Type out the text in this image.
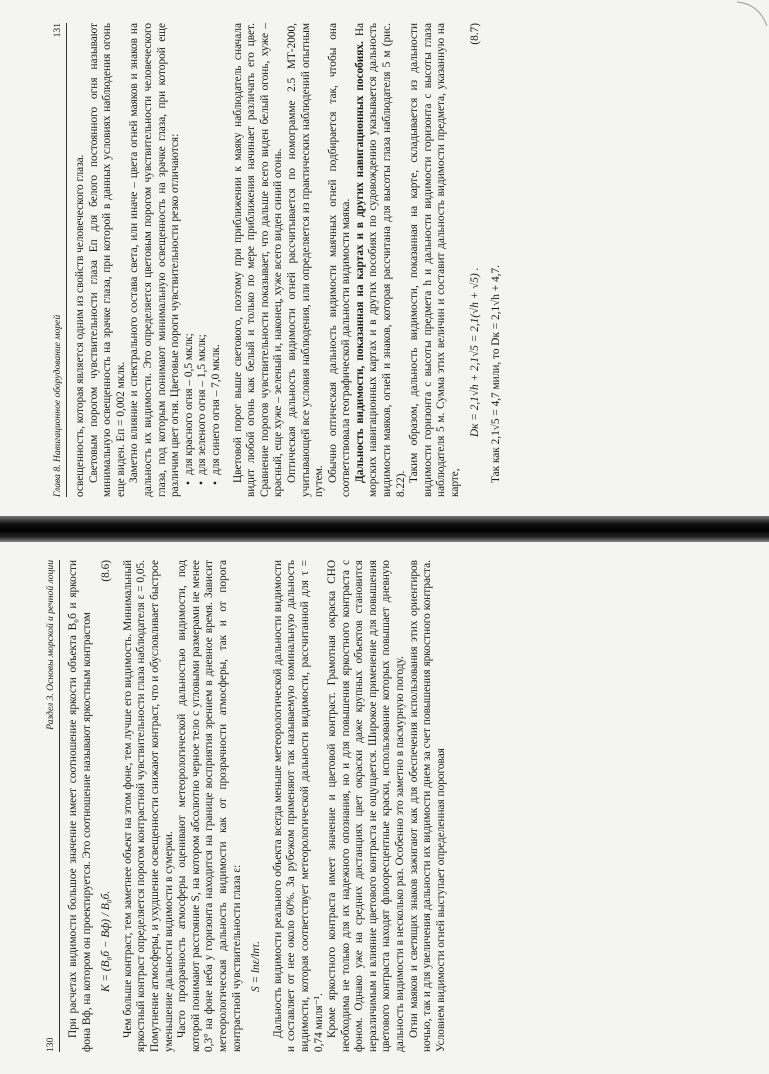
130
Раздел 3. Основы морской и речной лоции При расчетах видимости большое значение имеет соотношение яркости объекта B₀б и яркости фона Bф, на котором он проектируется. Это соотношение называют яркостным контрастом K = (B₀б − Bф) / B₀б.
(8.6) Чем больше контраст, тем заметнее объект на этом фоне, тем лучше его видимость. Минимальный яркостный контраст определяется порогом контрастной чувствительности глаза наблюдателя ε = 0,05. Помутнение атмосферы, и ухудшение освещенности снижают контраст, что и обусловливает быстрое уменьшение дальности видимости в сумерки. Часто прозрачность атмосферы оценивают метеорологической дальностью видимости, под которой понимают расстояние S, на котором абсолютно черное тело с угловыми размерами не менее 0,3° на фоне неба у горизонта находится на границе восприятия зрением в дневное время. Зависит метеорологическая дальность видимости как от прозрачности атмосферы, так и от порога контрастной чувствительности глаза ε: S = lnε/lnτ. Дальность видимости реального объекта всегда меньше метеорологической дальности видимости и составляет от нее около 60%. За рубежом применяют так называемую номинальную дальность видимости, которая соответствует метеорологической дальности видимости, рассчитанной для τ = 0,74 миля⁻¹. Кроме яркостного контраста имеет значение и цветовой контраст. Грамотная окраска СНО необходима не только для их надежного опознания, но и для повышения яркостного контраста с фоном. Однако уже на средних дистанциях цвет окраски даже крупных объектов становится неразличимым и влияние цветового контраста не ощущается. Широкое применение для повышения цветового контраста находят флюоресцентные краски, использование которых повышает дневную дальность видимости в несколько раз. Особенно это заметно в пасмурную погоду. Огни маяков и светящих знаков зажигают как для обеспечения использования этих ориентиров ночью, так и для увеличения дальности их видимости днем за счет повышения яркостного контраста. Условием видимости огней выступает определенная пороговая

Глава 8. Навигационное оборудование морей
131

освещенность, которая является одним из свойств человеческого глаза. Световым порогом чувствительности глаза Eп для белого постоянного огня называют минимальную освещенность на зрачке глаза, при которой в данных условиях наблюдения огонь еще виден. Eп = 0,002 мклк. Заметно влияние и спектрального состава света, или иначе – цвета огней маяков и знаков на дальность их видимости. Это определяется цветовым порогом чувствительности человеческого глаза, под которым понимают минимальную освещенность на зрачке глаза, при которой еще различим цвет огня. Цветовые пороги чувствительности резко отличаются: • для красного огня – 0,5 мклк; • для зеленого огня – 1,5 мклк; • для синего огня – 7,0 мклк. Цветовой порог выше светового, поэтому при приближении к маяку наблюдатель сначала видит любой огонь как белый и только по мере приближения начинает различать его цвет. Сравнение порогов чувствительности показывает, что дальше всего виден белый огонь, хуже – красный, еще хуже – зеленый и, наконец, хуже всего виден синий огонь. Оптическая дальность видимости огней рассчитывается по номограмме 2.5 МТ-2000, учитывающей все условия наблюдения, или определяется из практических наблюдений опытным путем. Обычно оптическая дальность видимости маячных огней подбирается так, чтобы она соответствовала географической дальности видимости маяка. Дальность видимости, показанная на картах и в других навигационных пособиях. На морских навигационных картах и в других пособиях по судовождению указывается дальность видимости маяков, огней и знаков, которая рассчитана для высоты глаза наблюдателя 5 м (рис. 8.22).

Таким образом, дальность видимости, показанная на карте, складывается из дальности видимости горизонта с высоты предмета h и дальности видимости горизонта с высоты глаза наблюдателя 5 м. Сумма этих величин и составит дальность видимости предмета, указанную на карте,

Dк = 2,1√h + 2,1√5 = 2,1(√h + √5) .
(8.7)

Так как 2,1√5 = 4,7 мили, то Dк = 2,1√h + 4,7.
